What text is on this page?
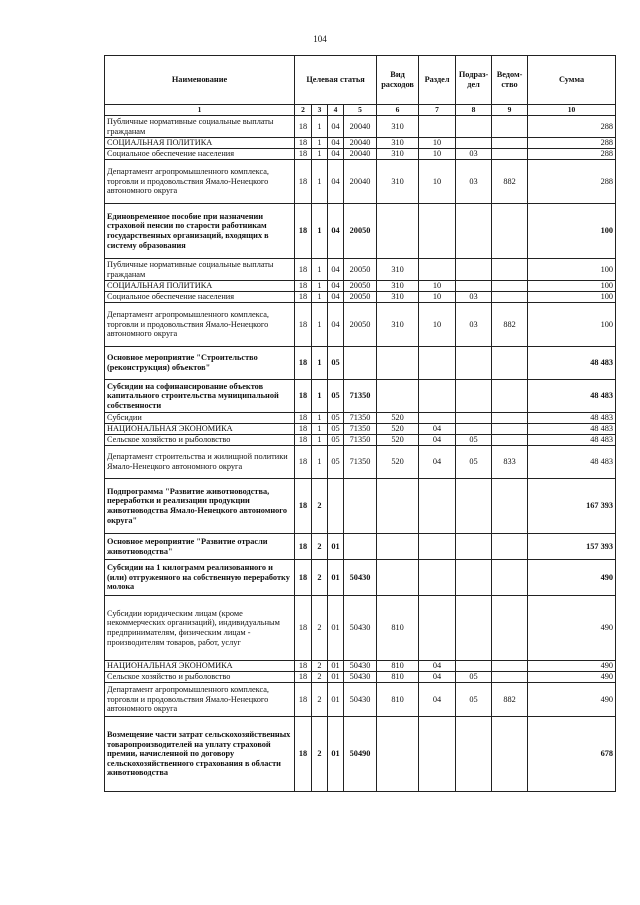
104
Наименование	Целевая статья				Вид расходов	Раздел	Подраз-дел	Ведом-ство	Сумма
1	2	3	4	5	6	7	8	9	10
Публичные нормативные социальные выплаты гражданам	18	1	04	20040	310				288
СОЦИАЛЬНАЯ ПОЛИТИКА	18	1	04	20040	310	10			288
Социальное обеспечение населения	18	1	04	20040	310	10	03		288
Департамент агропромышленного комплекса, торговли и продовольствия Ямало-Ненецкого автономного округа	18	1	04	20040	310	10	03	882	288
Единовременное пособие при назначении страховой пенсии по старости работникам государственных организаций, входящих в систему образования	18	1	04	20050					100
Публичные нормативные социальные выплаты гражданам	18	1	04	20050	310				100
СОЦИАЛЬНАЯ ПОЛИТИКА	18	1	04	20050	310	10			100
Социальное обеспечение населения	18	1	04	20050	310	10	03		100
Департамент агропромышленного комплекса, торговли и продовольствия Ямало-Ненецкого автономного округа	18	1	04	20050	310	10	03	882	100
Основное мероприятие "Строительство (реконструкция) объектов"	18	1	05						48 483
Субсидии на софинансирование объектов капитального строительства муниципальной собственности	18	1	05	71350					48 483
Субсидии	18	1	05	71350	520				48 483
НАЦИОНАЛЬНАЯ ЭКОНОМИКА	18	1	05	71350	520	04			48 483
Сельское хозяйство и рыболовство	18	1	05	71350	520	04	05		48 483
Департамент строительства и жилищной политики Ямало-Ненецкого автономного округа	18	1	05	71350	520	04	05	833	48 483
Подпрограмма "Развитие животноводства, переработки и реализации продукции животноводства Ямало-Ненецкого автономного округа"	18	2							167 393
Основное мероприятие "Развитие отрасли животноводства"	18	2	01						157 393
Субсидии на 1 килограмм реализованного и (или) отгруженного на собственную переработку молока	18	2	01	50430					490
Субсидии юридическим лицам (кроме некоммерческих организаций), индивидуальным предпринимателям, физическим лицам - производителям товаров, работ, услуг	18	2	01	50430	810				490
НАЦИОНАЛЬНАЯ ЭКОНОМИКА	18	2	01	50430	810	04			490
Сельское хозяйство и рыболовство	18	2	01	50430	810	04	05		490
Департамент агропромышленного комплекса, торговли и продовольствия Ямало-Ненецкого автономного округа	18	2	01	50430	810	04	05	882	490
Возмещение части затрат сельскохозяйственных товаропроизводителей на уплату страховой премии, начисленной по договору сельскохозяйственного страхования в области животноводства	18	2	01	50490					678
